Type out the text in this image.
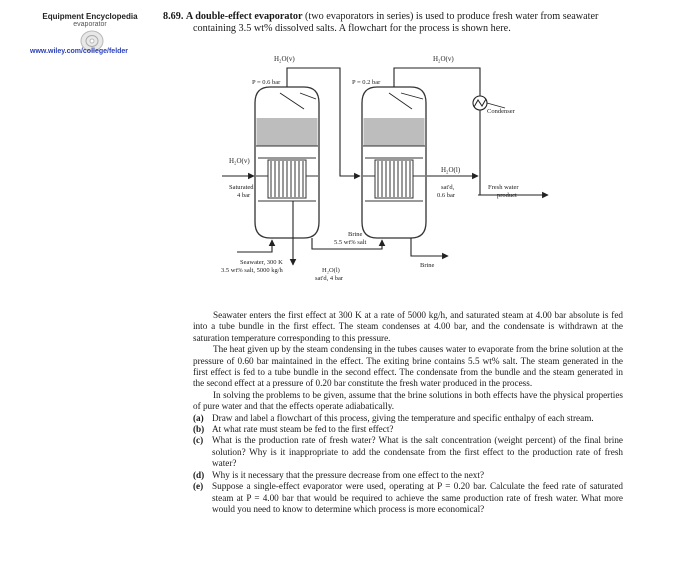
Equipment Encyclopedia
evaporator
www.wiley.com/college/felder
8.69. A double-effect evaporator (two evaporators in series) is used to produce fresh water from seawater
containing 3.5 wt% dissolved salts. A flowchart for the process is shown here.
H₂O(v)	H₂O(v)
P = 0.6 bar	P = 0.2 bar
Condenser
H₂O(v)
Saturated
4 bar
H₂O(l)
sat'd,
0.6 bar
Fresh water
product
Brine
5.5 wt% salt
Brine
Seawater, 300 K
3.5 wt% salt, 5000 kg/h	H₂O(l)
sat'd, 4 bar

Seawater enters the first effect at 300 K at a rate of 5000 kg/h, and saturated steam at 4.00 bar absolute is fed into a tube bundle in the first effect. The steam condenses at 4.00 bar, and the condensate is withdrawn at the saturation temperature corresponding to this pressure.

The heat given up by the steam condensing in the tubes causes water to evaporate from the brine solution at the pressure of 0.60 bar maintained in the effect. The exiting brine contains 5.5 wt% salt. The steam generated in the first effect is fed to a tube bundle in the second effect. The condensate from the bundle and the steam generated in the second effect at a pressure of 0.20 bar constitute the fresh water produced in the process.

In solving the problems to be given, assume that the brine solutions in both effects have the physical properties of pure water and that the effects operate adiabatically.

(a) Draw and label a flowchart of this process, giving the temperature and specific enthalpy of each stream.

(b) At what rate must steam be fed to the first effect?

(c) What is the production rate of fresh water? What is the salt concentration (weight percent) of the final brine solution? Why is it inappropriate to add the condensate from the first effect to the production rate of fresh water?

(d) Why is it necessary that the pressure decrease from one effect to the next?

(e) Suppose a single-effect evaporator were used, operating at P = 0.20 bar. Calculate the feed rate of saturated steam at P = 4.00 bar that would be required to achieve the same production rate of fresh water. What more would you need to know to determine which process is more economical?
